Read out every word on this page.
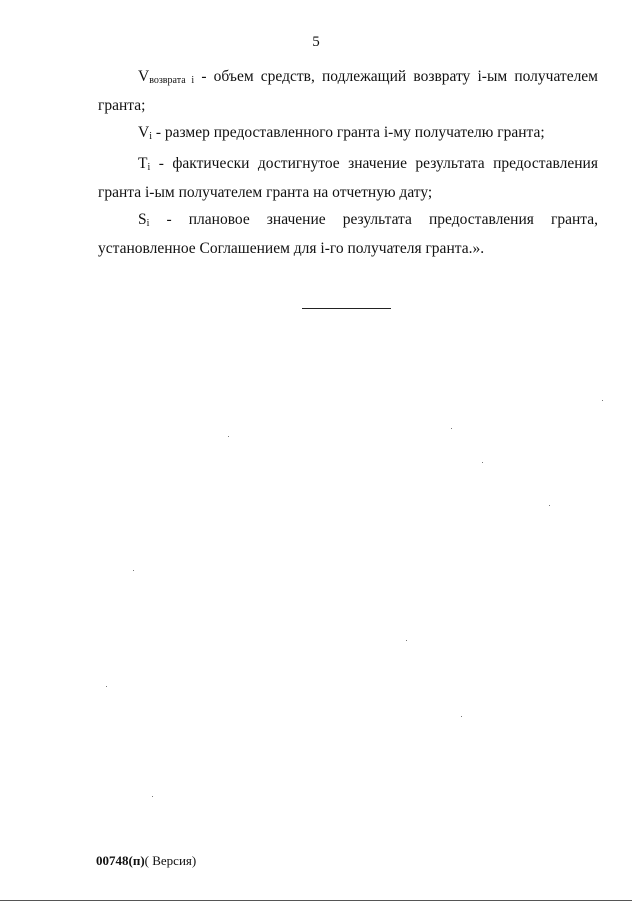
5

$V_{возврата i}$ - объем средств, подлежащий возврату i-ым получателем гранта;

$V_i$ - размер предоставленного гранта i-му получателю гранта;

$T_i$ - фактически достигнутое значение результата предоставления гранта i-ым получателем гранта на отчетную дату;

$S_i$ - плановое значение результата предоставления гранта, установленное Соглашением для i-го получателя гранта.».

00748(п)( Версия)
